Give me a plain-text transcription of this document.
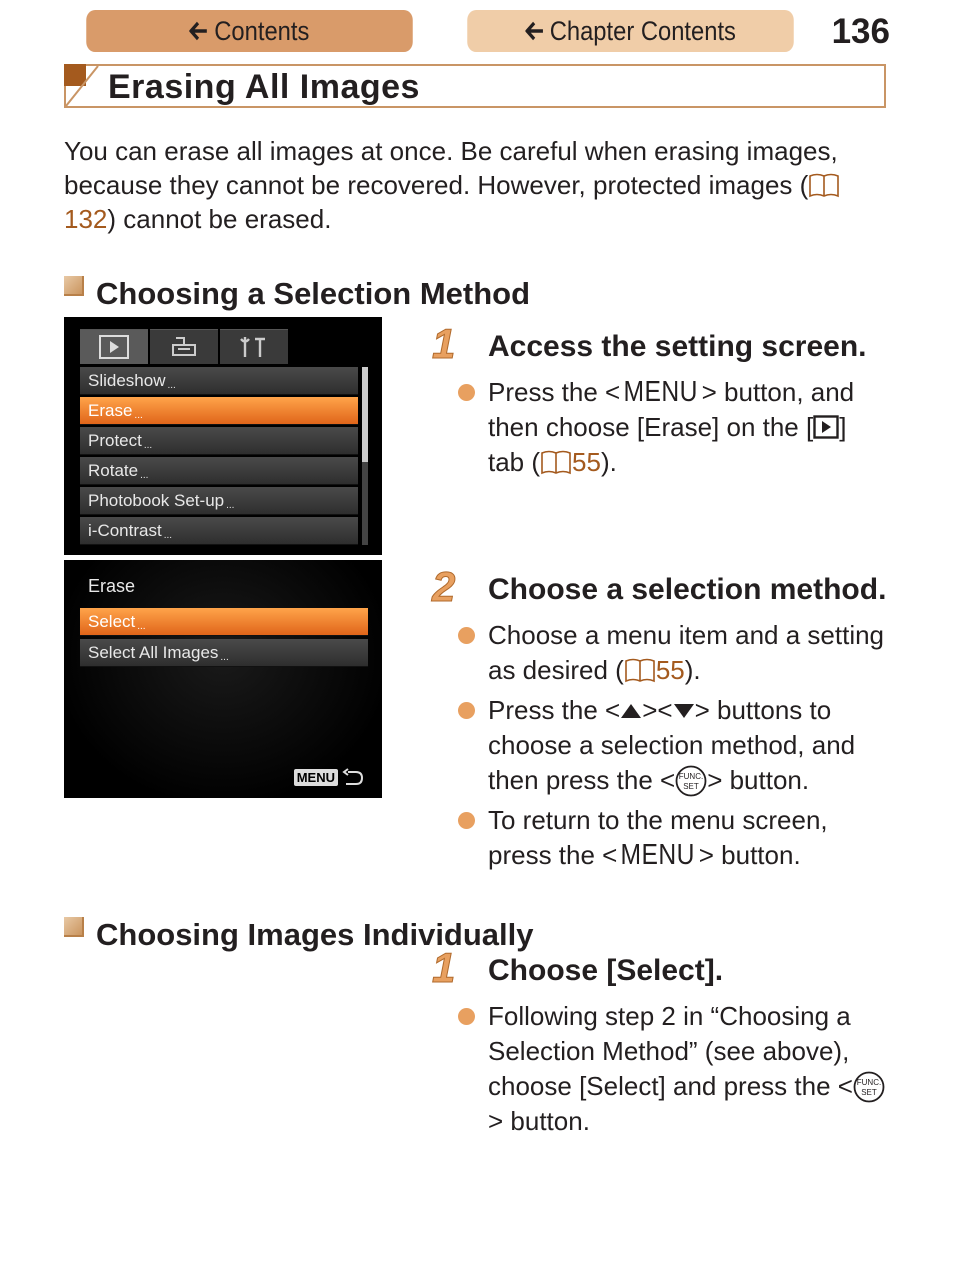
Contents	Chapter Contents	136
Erasing All Images

You can erase all images at once. Be careful when erasing images, because they cannot be recovered. However, protected images (132) cannot be erased.

Choosing a Selection Method
Slideshow ...
Erase ...
Protect ...
Rotate ...
Photobook Set-up ...
i-Contrast ...
Erase
Select ...
Select All Images ...
MENU
1 Access the setting screen.

Press the < MENU > button, and then choose [Erase] on the [ ] tab ( 55).

2 Choose a selection method.

Choose a menu item and a setting as desired ( 55).

Press the < >< > buttons to choose a selection method, and then press the < FUNC.
SET > button.

To return to the menu screen, press the < MENU > button.

Choosing Images Individually
1 Choose [Select].

Following step 2 in “Choosing a Selection Method” (see above), choose [Select] and press the < FUNC.
SET
> button.
